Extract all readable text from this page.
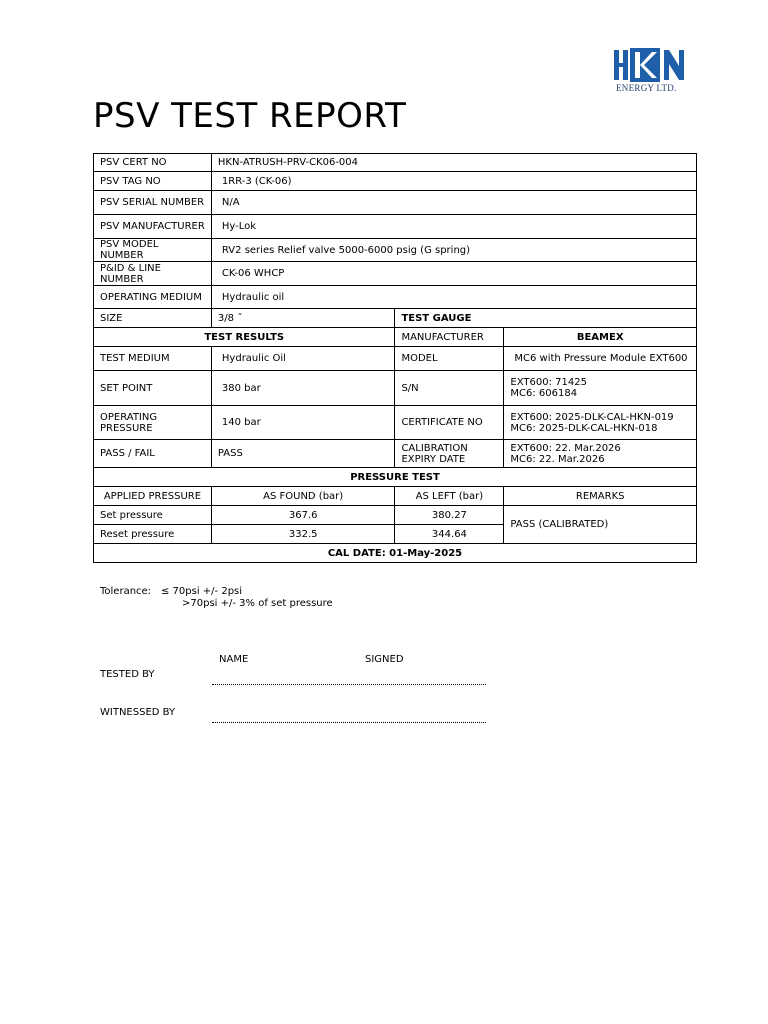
ENERGY LTD.
PSV TEST REPORT
PSV CERT NO	HKN-ATRUSH-PRV-CK06-004		
PSV TAG NO	1RR-3 (CK-06)		
PSV SERIAL NUMBER	N/A		
PSV MANUFACTURER	Hy-Lok		
PSV MODEL NUMBER	RV2 series Relief valve 5000-6000 psig (G spring)		
P&ID & LINE NUMBER	CK-06 WHCP		
OPERATING MEDIUM	Hydraulic oil		
SIZE	3/8 ˝	TEST GAUGE	
TEST RESULTS		MANUFACTURER	BEAMEX
TEST MEDIUM	Hydraulic Oil	MODEL	MC6 with Pressure Module EXT600
SET POINT	380 bar	S/N	EXT600: 71425
MC6: 606184
OPERATING PRESSURE	140 bar	CERTIFICATE NO	EXT600: 2025-DLK-CAL-HKN-019
MC6: 2025-DLK-CAL-HKN-018
PASS / FAIL	PASS	CALIBRATION EXPIRY DATE	EXT600: 22. Mar.2026
MC6: 22. Mar.2026
PRESSURE TEST			
APPLIED PRESSURE	AS FOUND (bar)	AS LEFT (bar)	REMARKS
Set pressure	367.6	380.27	PASS (CALIBRATED)
Reset pressure	332.5	344.64	
CAL DATE: 01-May-2025			
Tolerance: ≤ 70psi +/- 2psi
>70psi +/- 3% of set pressure
NAME	SIGNED
TESTED BY
WITNESSED BY
